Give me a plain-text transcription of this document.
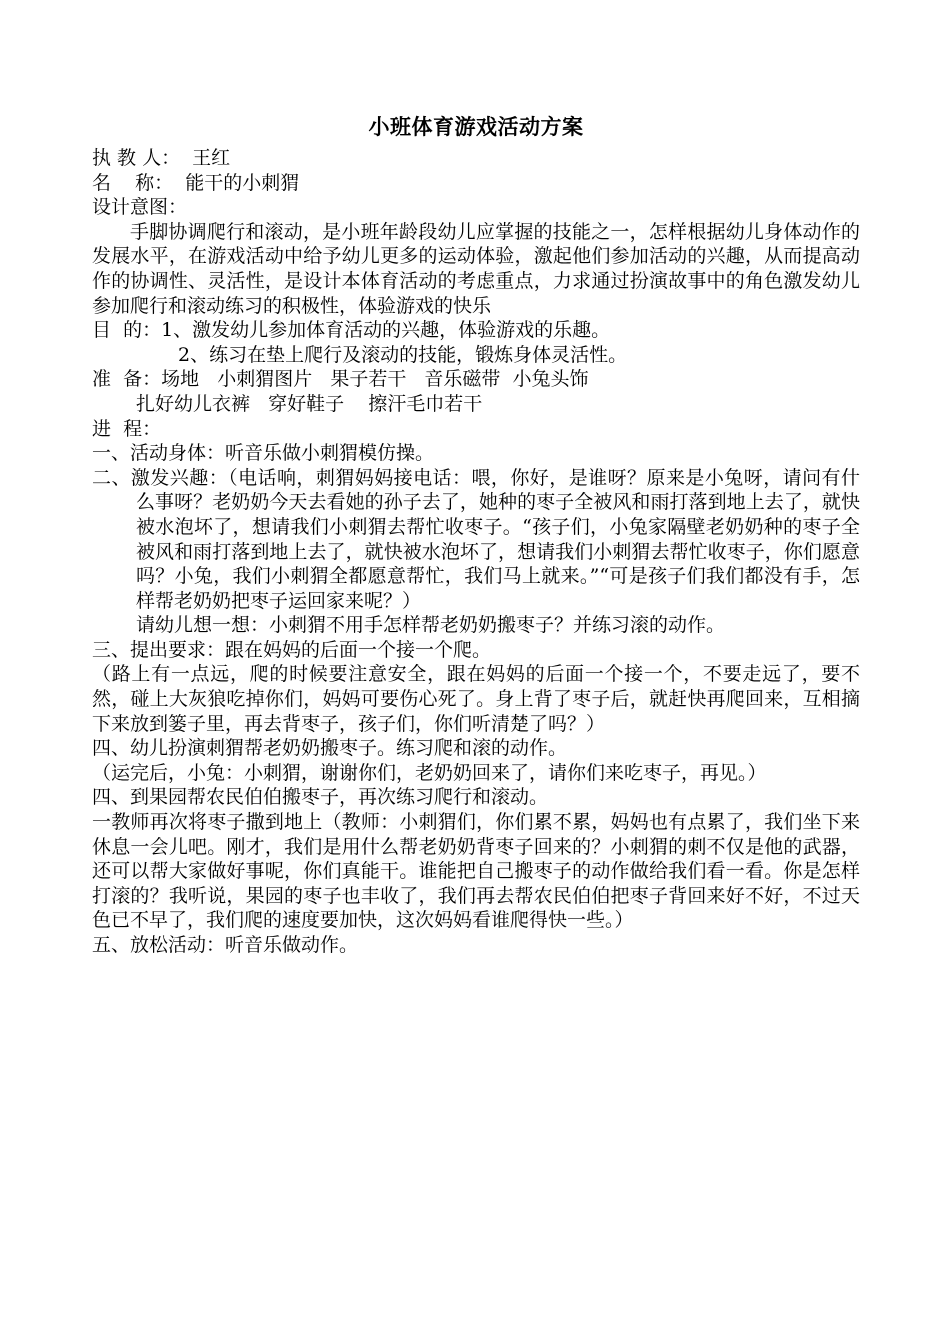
小班体育游戏活动方案
执 教 人：  王红
名    称：  能干的小刺猬
设计意图：
手脚协调爬行和滚动，是小班年龄段幼儿应掌握的技能之一，怎样根据幼儿身体动作的发展水平，在游戏活动中给予幼儿更多的运动体验，激起他们参加活动的兴趣，从而提高动作的协调性、灵活性，是设计本体育活动的考虑重点，力求通过扮演故事中的角色激发幼儿参加爬行和滚动练习的积极性，体验游戏的快乐
目  的：1、激发幼儿参加体育活动的兴趣，体验游戏的乐趣。
2、练习在垫上爬行及滚动的技能，锻炼身体灵活性。
准  备：场地   小刺猬图片   果子若干   音乐磁带  小兔头饰
扎好幼儿衣裤   穿好鞋子    擦汗毛巾若干
进  程：
一、活动身体：听音乐做小刺猬模仿操。
二、激发兴趣：（电话响，刺猬妈妈接电话：喂，你好，是谁呀？原来是小兔呀，请问有什么事呀？老奶奶今天去看她的孙子去了，她种的枣子全被风和雨打落到地上去了，就快被水泡坏了，想请我们小刺猬去帮忙收枣子。“孩子们，小兔家隔壁老奶奶种的枣子全被风和雨打落到地上去了，就快被水泡坏了，想请我们小刺猬去帮忙收枣子，你们愿意吗？小兔，我们小刺猬全都愿意帮忙，我们马上就来。”“可是孩子们我们都没有手，怎样帮老奶奶把枣子运回家来呢？）
请幼儿想一想：小刺猬不用手怎样帮老奶奶搬枣子？并练习滚的动作。
三、提出要求：跟在妈妈的后面一个接一个爬。
（路上有一点远，爬的时候要注意安全，跟在妈妈的后面一个接一个，不要走远了，要不然，碰上大灰狼吃掉你们，妈妈可要伤心死了。身上背了枣子后，就赶快再爬回来，互相摘下来放到篓子里，再去背枣子，孩子们，你们听清楚了吗？）
四、幼儿扮演刺猬帮老奶奶搬枣子。练习爬和滚的动作。
（运完后，小兔：小刺猬，谢谢你们，老奶奶回来了，请你们来吃枣子，再见。）
四、到果园帮农民伯伯搬枣子，再次练习爬行和滚动。
一教师再次将枣子撒到地上（教师：小刺猬们，你们累不累，妈妈也有点累了，我们坐下来休息一会儿吧。刚才，我们是用什么帮老奶奶背枣子回来的？小刺猬的刺不仅是他的武器，还可以帮大家做好事呢，你们真能干。谁能把自己搬枣子的动作做给我们看一看。你是怎样打滚的？我听说，果园的枣子也丰收了，我们再去帮农民伯伯把枣子背回来好不好，不过天色已不早了，我们爬的速度要加快，这次妈妈看谁爬得快一些。）
五、放松活动：听音乐做动作。
